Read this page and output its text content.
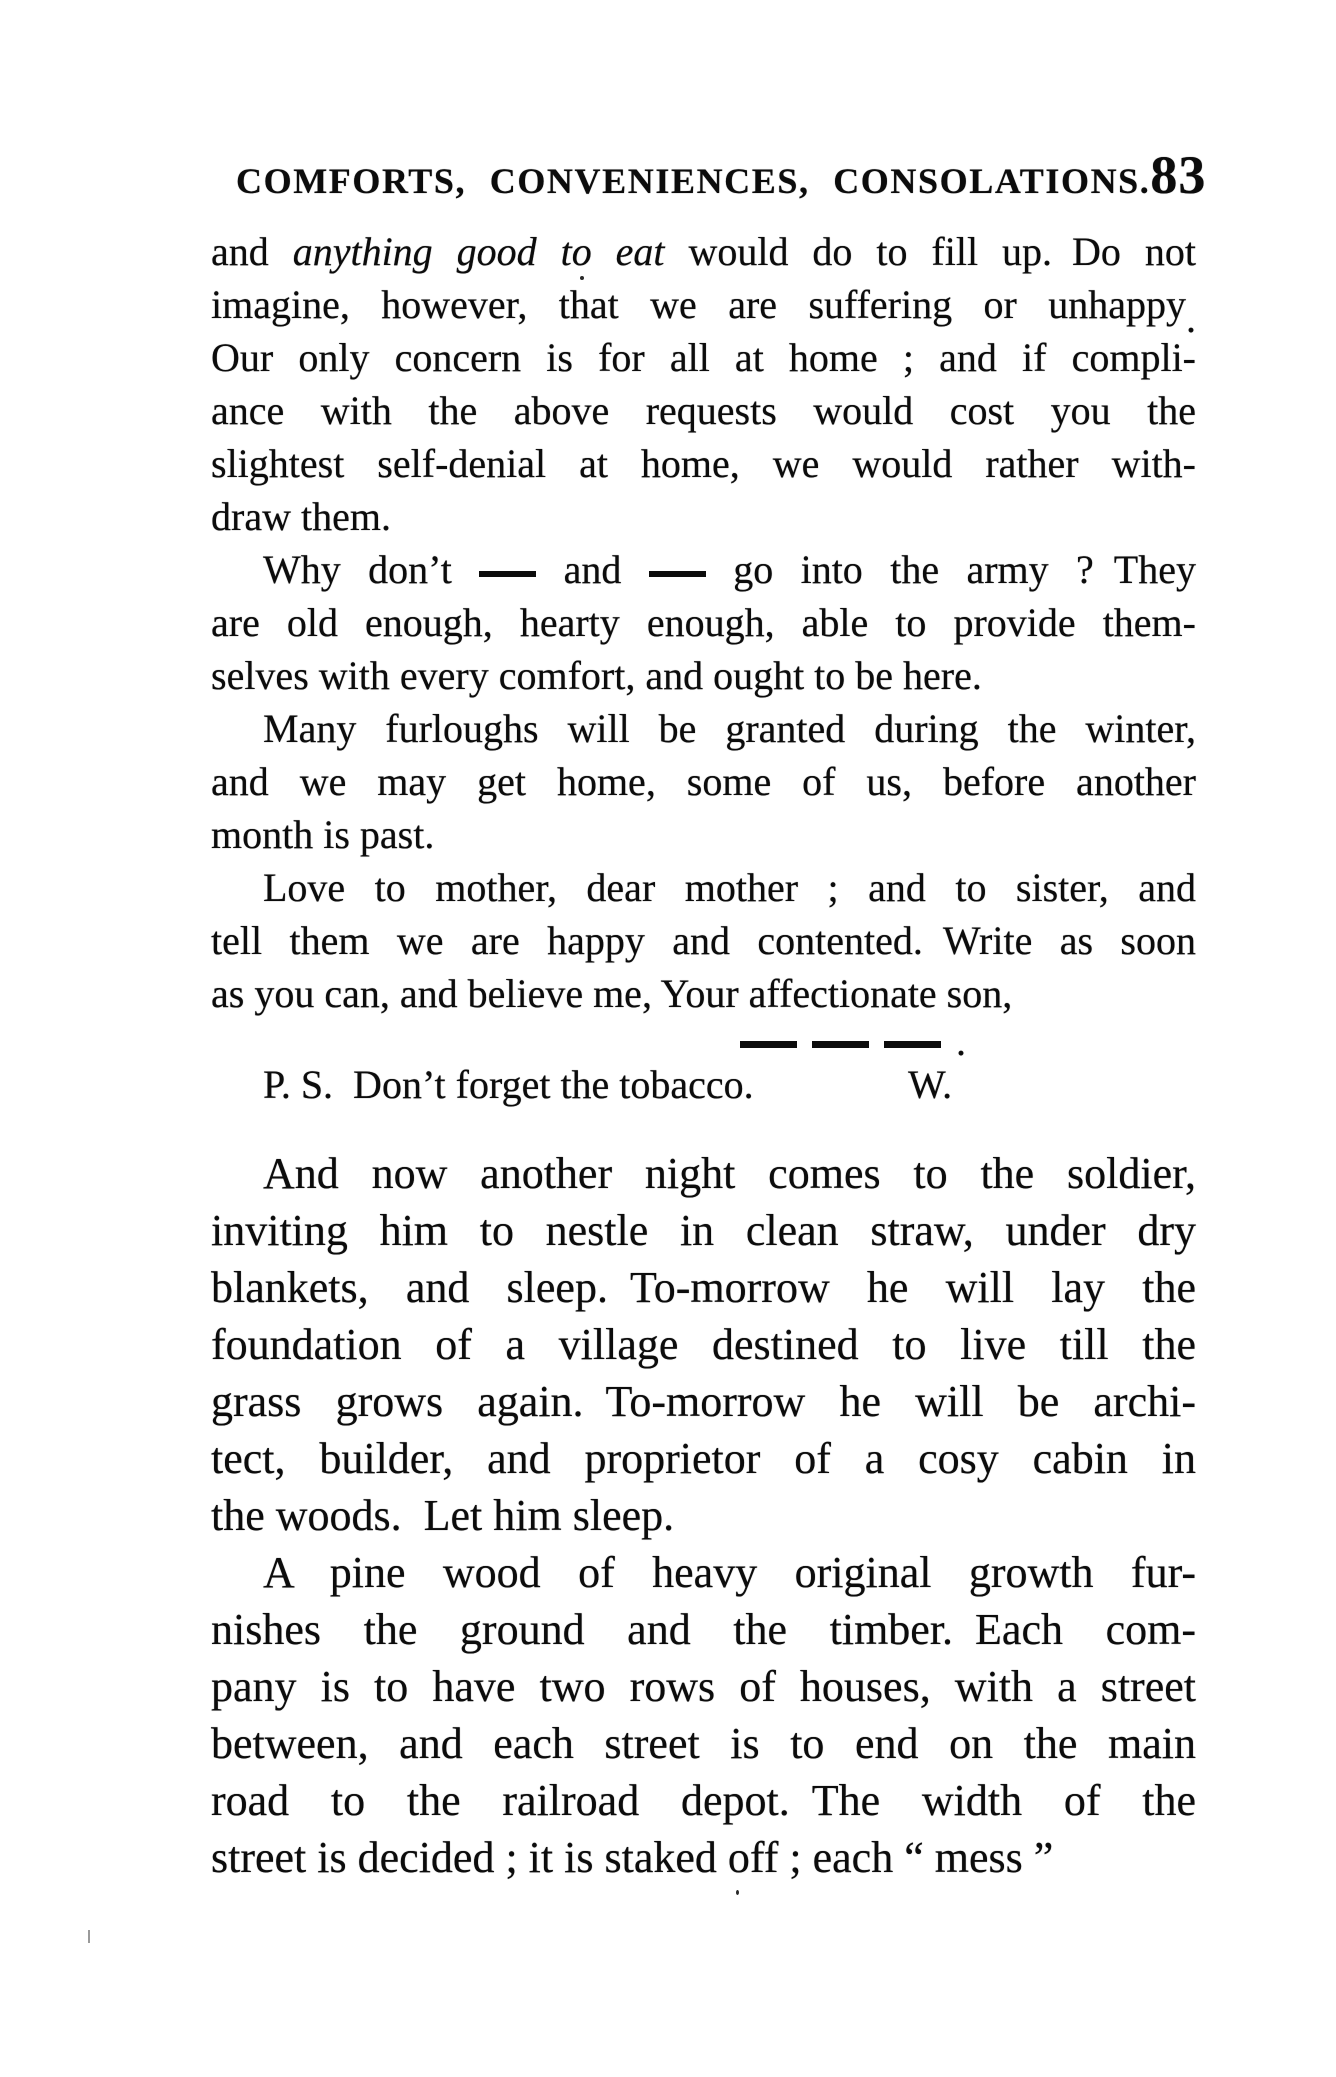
COMFORTS, CONVENIENCES, CONSOLATIONS. 83
and anything good to eat would do to fill up. Do not
imagine, however, that we are suffering or unhappy.
Our only concern is for all at home ; and if compli-
ance with the above requests would cost you the
slightest self-denial at home, we would rather with-
draw them.
Why don’t  and  go into the army ? They
are old enough, hearty enough, able to provide them-
selves with every comfort, and ought to be here.
Many furloughs will be granted during the winter,
and we may get home, some of us, before another
month is past.
Love to mother, dear mother ; and to sister, and
tell them we are happy and contented. Write as soon
as you can, and believe me, Your affectionate son,
.
P. S. Don’t forget the tobacco.	W.
And now another night comes to the soldier,
inviting him to nestle in clean straw, under dry
blankets, and sleep. To-morrow he will lay the
foundation of a village destined to live till the
grass grows again. To-morrow he will be archi-
tect, builder, and proprietor of a cosy cabin in
the woods. Let him sleep.
A pine wood of heavy original growth fur-
nishes the ground and the timber. Each com-
pany is to have two rows of houses, with a street
between, and each street is to end on the main
road to the railroad depot. The width of the
street is decided ; it is staked off ; each “ mess ”
